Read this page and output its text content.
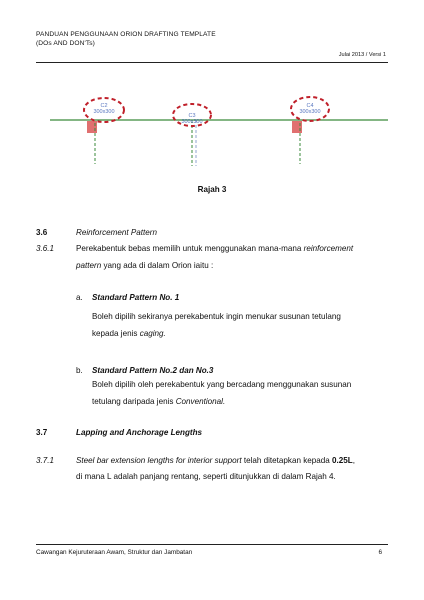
PANDUAN PENGGUNAAN ORION DRAFTING TEMPLATE
(DOs AND DON'Ts)
Julai 2013 / Versi 1
C2 300x300
C3 300x300
C4 300x300
Rajah 3
3.6	Reinforcement Pattern
3.6.1	Perekabentuk bebas memilih untuk menggunakan mana-mana reinforcement
pattern yang ada di dalam Orion iaitu :
a. Standard Pattern No. 1
Boleh dipilih sekiranya perekabentuk ingin menukar susunan tetulang
kepada jenis caging.
b. Standard Pattern No.2 dan No.3
Boleh dipilih oleh perekabentuk yang bercadang menggunakan susunan
tetulang daripada jenis Conventional.
3.7	Lapping and Anchorage Lengths
3.7.1	Steel bar extension lengths for interior support telah ditetapkan kepada 0.25L,
di mana L adalah panjang rentang, seperti ditunjukkan di dalam Rajah 4.
Cawangan Kejuruteraan Awam, Struktur dan Jambatan	6
